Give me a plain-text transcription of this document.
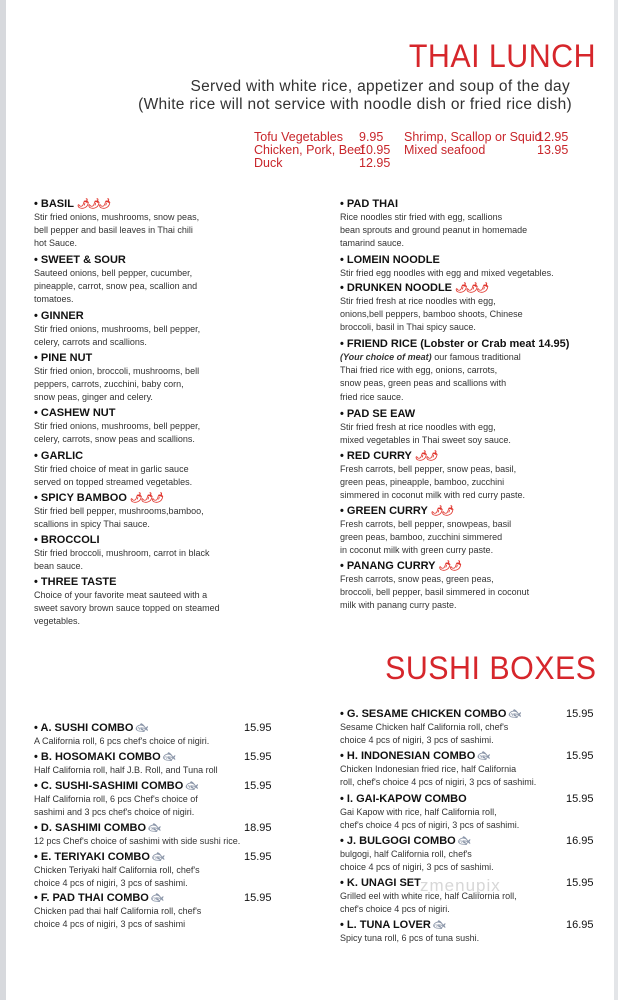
THAI LUNCH
Served with white rice, appetizer and soup of the day
(White rice will not service with noodle dish or fried rice dish)
Tofu Vegetables 9.95
Chicken, Pork, Beef
10.95
Duck	12.95
Shrimp, Scallop or Squid
12.95
Mixed seafood	13.95
• BASIL 🌶🌶🌶
Stir fried onions, mushrooms, snow peas,
bell pepper and basil leaves in Thai chili
hot Sauce.
• SWEET & SOUR
Sauteed onions, bell pepper, cucumber,
pineapple, carrot, snow pea, scallion and
tomatoes.
• GINNER
Stir fried onions, mushrooms, bell pepper,
celery, carrots and scallions.
• PINE NUT
Stir fried onion, broccoli, mushrooms, bell
peppers, carrots, zucchini, baby corn,
snow peas, ginger and celery.
• CASHEW NUT
Stir fried onions, mushrooms, bell pepper,
celery, carrots, snow peas and scallions.
• GARLIC
Stir fried choice of meat in garlic sauce
served on topped streamed vegetables.
• SPICY BAMBOO 🌶🌶🌶
Stir fried bell pepper, mushrooms,bamboo,
scallions in spicy Thai sauce.
• BROCCOLI
Stir fried broccoli, mushroom, carrot in black
bean sauce.
• THREE TASTE
Choice of your favorite meat sauteed with a
sweet savory brown sauce topped on steamed
vegetables.
• PAD THAI
Rice noodles stir fried with egg, scallions
bean sprouts and ground peanut in homemade
tamarind sauce.
• LOMEIN NOODLE
Stir fried egg noodles with egg and mixed vegetables.
• DRUNKEN NOODLE 🌶🌶🌶
Stir fried fresh at rice noodles with egg,
onions,bell peppers, bamboo shoots, Chinese
broccoli, basil in Thai spicy sauce.
• FRIEND RICE (Lobster or Crab meat 14.95)
(Your choice of meat) our famous traditional
Thai fried rice with egg, onions, carrots,
snow peas, green peas and scallions with
fried rice sauce.
• PAD SE EAW
Stir fried fresh at rice noodles with egg,
mixed vegetables in Thai sweet soy sauce.
• RED CURRY 🌶🌶
Fresh carrots, bell pepper, snow peas, basil,
green peas, pineapple, bamboo, zucchini
simmered in coconut milk with red curry paste.
• GREEN CURRY 🌶🌶
Fresh carrots, bell pepper, snowpeas, basil
green peas, bamboo, zucchini simmered
in coconut milk with green curry paste.
• PANANG CURRY 🌶🌶
Fresh carrots, snow peas, green peas,
broccoli, bell pepper, basil simmered in coconut
milk with panang curry paste.
SUSHI BOXES
• A. SUSHI COMBO 🐟︎
A California roll, 6 pcs chef's choice of nigiri.
15.95
• B. HOSOMAKI COMBO 🐟︎
Half California roll, half J.B. Roll, and Tuna roll
15.95
• C. SUSHI-SASHIMI COMBO 🐟︎
Half California roll, 6 pcs Chef's choice of
sashimi and 3 pcs chef's choice of nigiri.
15.95
• D. SASHIMI COMBO 🐟︎
12 pcs Chef's choice of sashimi with side sushi rice.
18.95
• E. TERIYAKI COMBO 🐟︎
Chicken Teriyaki half California roll, chef's
choice 4 pcs of nigiri, 3 pcs of sashimi.
15.95
• F. PAD THAI COMBO 🐟︎
Chicken pad thai half California roll, chef's
choice 4 pcs of nigiri, 3 pcs of sashimi
15.95
• G. SESAME CHICKEN COMBO 🐟︎
Sesame Chicken half California roll, chef's
choice 4 pcs of nigiri, 3 pcs of sashimi.
15.95
• H. INDONESIAN COMBO 🐟︎
Chicken Indonesian fried rice, half California
roll, chef's choice 4 pcs of nigiri, 3 pcs of sashimi.
15.95
• I. GAI-KAPOW COMBO
Gai Kapow with rice, half California roll,
chef's choice 4 pcs of nigiri, 3 pcs of sashimi.
15.95
• J. BULGOGI COMBO 🐟︎
bulgogi, half California roll, chef's
choice 4 pcs of nigiri, 3 pcs of sashimi.
16.95
• K. UNAGI SET
Grilled eel with white rice, half California roll,
chef's choice 4 pcs of nigiri.
15.95
• L. TUNA LOVER 🐟︎
Spicy tuna roll, 6 pcs of tuna sushi.
16.95
zmenupix
